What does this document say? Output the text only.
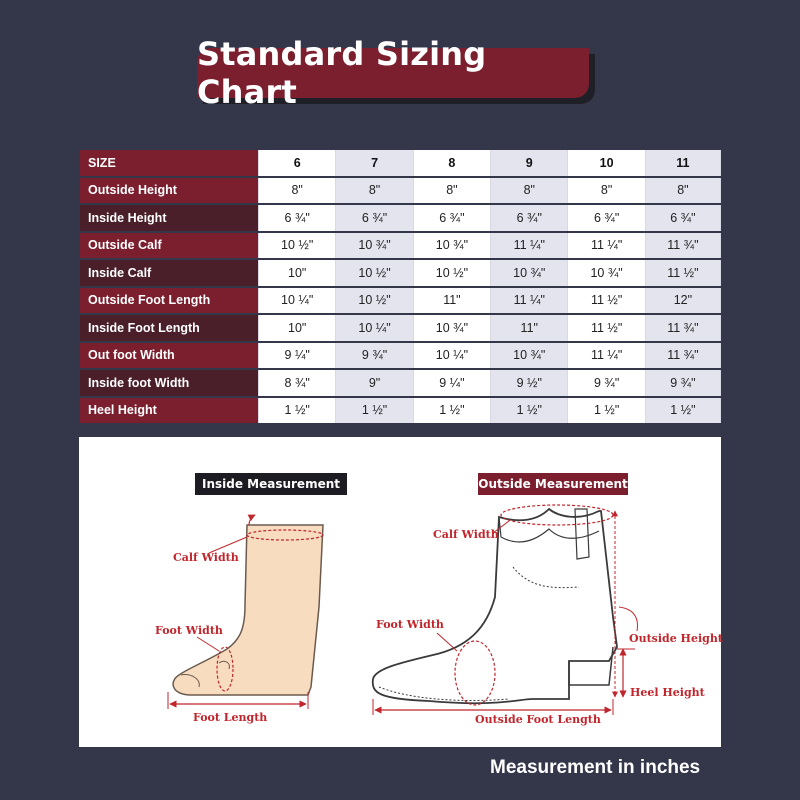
Standard Sizing Chart
SIZE	6	7	8	9	10	11
Outside Height	8"	8"	8"	8"	8"	8"
Inside Height	6 ¾"	6 ¾"	6 ¾"	6 ¾"	6 ¾"	6 ¾"
Outside Calf	10 ½"	10 ¾"	10 ¾"	11 ¼"	11 ¼"	11 ¾"
Inside Calf	10"	10 ½"	10 ½"	10 ¾"	10 ¾"	11 ½"
Outside Foot Length	10 ¼"	10 ½"	11"	11 ¼"	11 ½"	12"
Inside Foot Length	10"	10 ¼"	10 ¾"	11"	11 ½"	11 ¾"
Out foot Width	9 ¼"	9 ¾"	10 ¼"	10 ¾"	11 ¼"	11 ¾"
Inside foot Width	8 ¾"	9"	9 ¼"	9 ½"	9 ¾"	9 ¾"
Heel Height	1 ½"	1 ½"	1 ½"	1 ½"	1 ½"	1 ½"
Inside Measurement	Outside Measurement
Calf Width
Foot Width
Foot Length
Calf Width
Foot Width
Outside Height
Heel Height
Outside Foot Length
Measurement in inches
